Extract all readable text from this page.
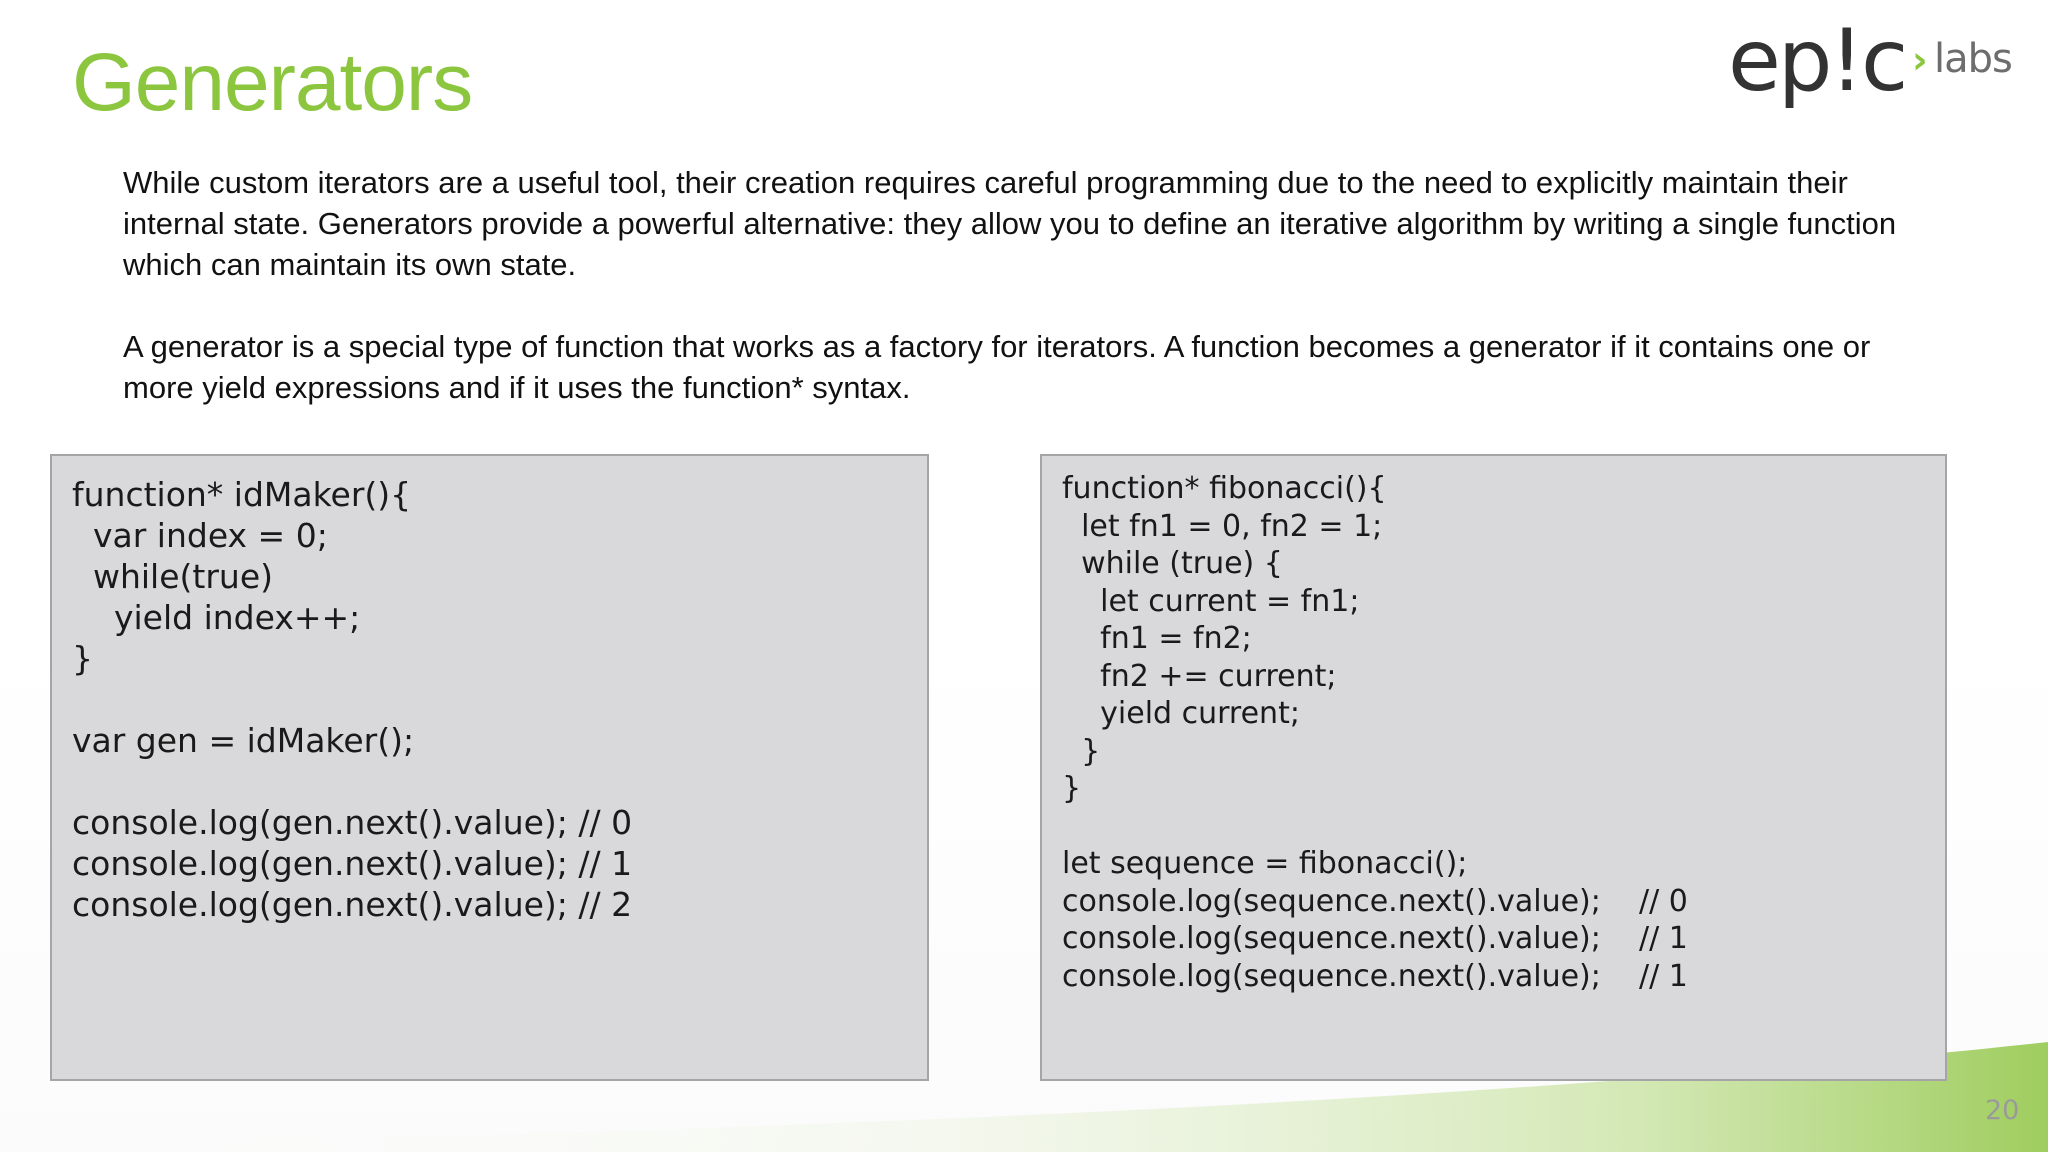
Generators	ep!c › labs

While custom iterators are a useful tool, their creation requires careful programming due to the need to explicitly maintain their internal state. Generators provide a powerful alternative: they allow you to define an iterative algorithm by writing a single function which can maintain its own state.

A generator is a special type of function that works as a factory for iterators. A function becomes a generator if it contains one or more yield expressions and if it uses the function* syntax.

function* idMaker(){
var index = 0;
while(true)
yield index++;
}

var gen = idMaker();

console.log(gen.next().value); // 0
console.log(gen.next().value); // 1
console.log(gen.next().value); // 2
function* fibonacci(){
let fn1 = 0, fn2 = 1;
while (true) {
let current = fn1;
fn1 = fn2;
fn2 += current;
yield current;
}
}

let sequence = fibonacci();
console.log(sequence.next().value);    // 0
console.log(sequence.next().value);    // 1
console.log(sequence.next().value);    // 1
20
